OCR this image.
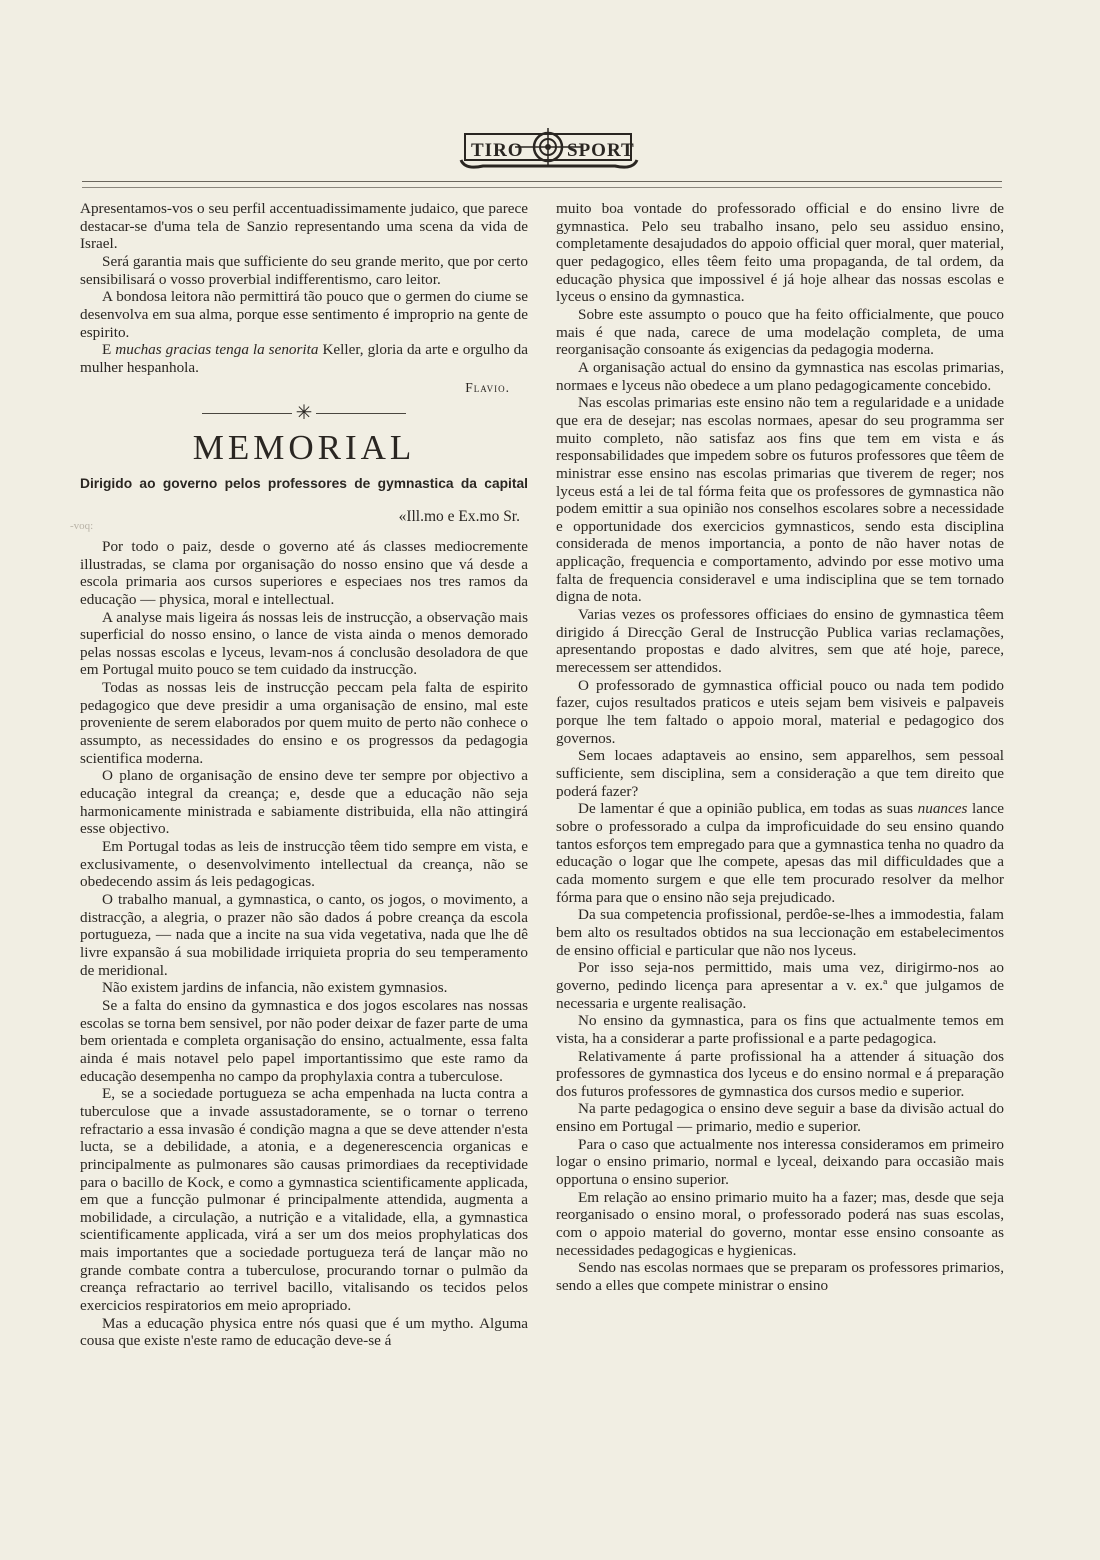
TIRO SPORT

Apresentamos-vos o seu perfil accentuadissimamente judaico, que parece destacar-se d'uma tela de Sanzio representando uma scena da vida de Israel.

Será garantia mais que sufficiente do seu grande merito, que por certo sensibilisará o vosso proverbial indifferentismo, caro leitor.

A bondosa leitora não permittirá tão pouco que o germen do ciume se desenvolva em sua alma, porque esse sentimento é improprio na gente de espirito.

E muchas gracias tenga la senorita Keller, gloria da arte e orgulho da mulher hespanhola.

Flavio.
✳
MEMORIAL
Dirigido ao governo pelos professores de gymnastica da capital
«Ill.mo e Ex.mo Sr.

Por todo o paiz, desde o governo até ás classes mediocremente illustradas, se clama por organisação do nosso ensino que vá desde a escola primaria aos cursos superiores e especiaes nos tres ramos da educação — physica, moral e intellectual.

A analyse mais ligeira ás nossas leis de instrucção, a observação mais superficial do nosso ensino, o lance de vista ainda o menos demorado pelas nossas escolas e lyceus, levam-nos á conclusão desoladora de que em Portugal muito pouco se tem cuidado da instrucção.

Todas as nossas leis de instrucção peccam pela falta de espirito pedagogico que deve presidir a uma organisação de ensino, mal este proveniente de serem elaborados por quem muito de perto não conhece o assumpto, as necessidades do ensino e os progressos da pedagogia scientifica moderna.

O plano de organisação de ensino deve ter sempre por objectivo a educação integral da creança; e, desde que a educação não seja harmonicamente ministrada e sabiamente distribuida, ella não attingirá esse objectivo.

Em Portugal todas as leis de instrucção têem tido sempre em vista, e exclusivamente, o desenvolvimento intellectual da creança, não se obedecendo assim ás leis pedagogicas.

O trabalho manual, a gymnastica, o canto, os jogos, o movimento, a distracção, a alegria, o prazer não são dados á pobre creança da escola portugueza, — nada que a incite na sua vida vegetativa, nada que lhe dê livre expansão á sua mobilidade irriquieta propria do seu temperamento de meridional.

Não existem jardins de infancia, não existem gymnasios.

Se a falta do ensino da gymnastica e dos jogos escolares nas nossas escolas se torna bem sensivel, por não poder deixar de fazer parte de uma bem orientada e completa organisação do ensino, actualmente, essa falta ainda é mais notavel pelo papel importantissimo que este ramo da educação desempenha no campo da prophylaxia contra a tuberculose.

E, se a sociedade portugueza se acha empenhada na lucta contra a tuberculose que a invade assustadoramente, se o tornar o terreno refractario a essa invasão é condição magna a que se deve attender n'esta lucta, se a debilidade, a atonia, e a degenerescencia organicas e principalmente as pulmonares são causas primordiaes da receptividade para o bacillo de Kock, e como a gymnastica scientificamente applicada, em que a funcção pulmonar é principalmente attendida, augmenta a mobilidade, a circulação, a nutrição e a vitalidade, ella, a gymnastica scientificamente applicada, virá a ser um dos meios prophylaticas dos mais importantes que a sociedade portugueza terá de lançar mão no grande combate contra a tuberculose, procurando tornar o pulmão da creança refractario ao terrivel bacillo, vitalisando os tecidos pelos exercicios respiratorios em meio apropriado.

Mas a educação physica entre nós quasi que é um mytho. Alguma cousa que existe n'este ramo de educação deve-se á

-voq:

muito boa vontade do professorado official e do ensino livre de gymnastica. Pelo seu trabalho insano, pelo seu assiduo ensino, completamente desajudados do appoio official quer moral, quer material, quer pedagogico, elles têem feito uma propaganda, de tal ordem, da educação physica que impossivel é já hoje alhear das nossas escolas e lyceus o ensino da gymnastica.

Sobre este assumpto o pouco que ha feito officialmente, que pouco mais é que nada, carece de uma modelação completa, de uma reorganisação consoante ás exigencias da pedagogia moderna.

A organisação actual do ensino da gymnastica nas escolas primarias, normaes e lyceus não obedece a um plano pedagogicamente concebido.

Nas escolas primarias este ensino não tem a regularidade e a unidade que era de desejar; nas escolas normaes, apesar do seu programma ser muito completo, não satisfaz aos fins que tem em vista e ás responsabilidades que impedem sobre os futuros professores que têem de ministrar esse ensino nas escolas primarias que tiverem de reger; nos lyceus está a lei de tal fórma feita que os professores de gymnastica não podem emittir a sua opinião nos conselhos escolares sobre a necessidade e opportunidade dos exercicios gymnasticos, sendo esta disciplina considerada de menos importancia, a ponto de não haver notas de applicação, frequencia e comportamento, advindo por esse motivo uma falta de frequencia consideravel e uma indisciplina que se tem tornado digna de nota.

Varias vezes os professores officiaes do ensino de gymnastica têem dirigido á Direcção Geral de Instrucção Publica varias reclamações, apresentando propostas e dado alvitres, sem que até hoje, parece, merecessem ser attendidos.

O professorado de gymnastica official pouco ou nada tem podido fazer, cujos resultados praticos e uteis sejam bem visiveis e palpaveis porque lhe tem faltado o appoio moral, material e pedagogico dos governos.

Sem locaes adaptaveis ao ensino, sem apparelhos, sem pessoal sufficiente, sem disciplina, sem a consideração a que tem direito que poderá fazer?

De lamentar é que a opinião publica, em todas as suas nuances lance sobre o professorado a culpa da improficuidade do seu ensino quando tantos esforços tem empregado para que a gymnastica tenha no quadro da educação o logar que lhe compete, apesas das mil difficuldades que a cada momento surgem e que elle tem procurado resolver da melhor fórma para que o ensino não seja prejudicado.

Da sua competencia profissional, perdôe-se-lhes a immodestia, falam bem alto os resultados obtidos na sua leccionação em estabelecimentos de ensino official e particular que não nos lyceus.

Por isso seja-nos permittido, mais uma vez, dirigirmo-nos ao governo, pedindo licença para apresentar a v. ex.ª que julgamos de necessaria e urgente realisação.

No ensino da gymnastica, para os fins que actualmente temos em vista, ha a considerar a parte profissional e a parte pedagogica.

Relativamente á parte profissional ha a attender á situação dos professores de gymnastica dos lyceus e do ensino normal e á preparação dos futuros professores de gymnastica dos cursos medio e superior.

Na parte pedagogica o ensino deve seguir a base da divisão actual do ensino em Portugal — primario, medio e superior.

Para o caso que actualmente nos interessa consideramos em primeiro logar o ensino primario, normal e lyceal, deixando para occasião mais opportuna o ensino superior.

Em relação ao ensino primario muito ha a fazer; mas, desde que seja reorganisado o ensino moral, o professorado poderá nas suas escolas, com o appoio material do governo, montar esse ensino consoante as necessidades pedagogicas e hygienicas.

Sendo nas escolas normaes que se preparam os professores primarios, sendo a elles que compete ministrar o ensino
